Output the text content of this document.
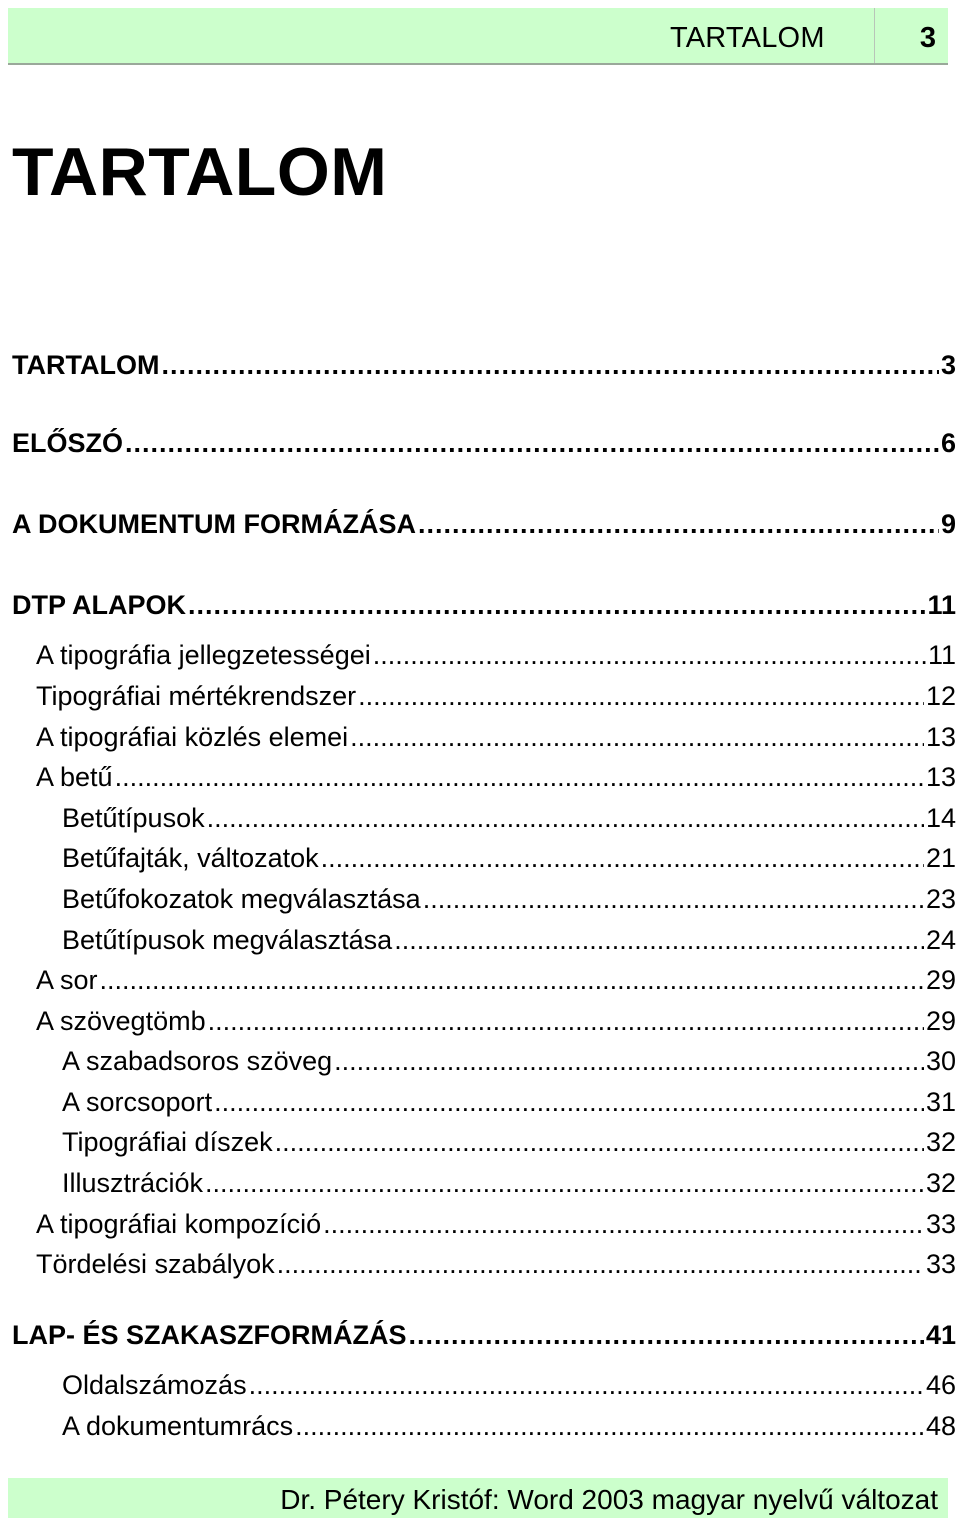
TARTALOM	3
TARTALOM
TARTALOM .....	3
ELŐSZÓ .....	6
A DOKUMENTUM FORMÁZÁSA .....	9
DTP ALAPOK .....	11
A tipográfia jellegzetességei .....	11
Tipográfiai mértékrendszer .....	12
A tipográfiai közlés elemei .....	13
A betű .....	13
Betűtípusok .....	14
Betűfajták, változatok .....	21
Betűfokozatok megválasztása .....	23
Betűtípusok megválasztása .....	24
A sor .....	29
A szövegtömb .....	29
A szabadsoros szöveg .....	30
A sorcsoport .....	31
Tipográfiai díszek .....	32
Illusztrációk .....	32
A tipográfiai kompozíció .....	33
Tördelési szabályok .....	33
LAP- ÉS SZAKASZFORMÁZÁS .....	41
Oldalszámozás .....	46
A dokumentumrács .....	48
Dr. Pétery Kristóf: Word 2003 magyar nyelvű változat
